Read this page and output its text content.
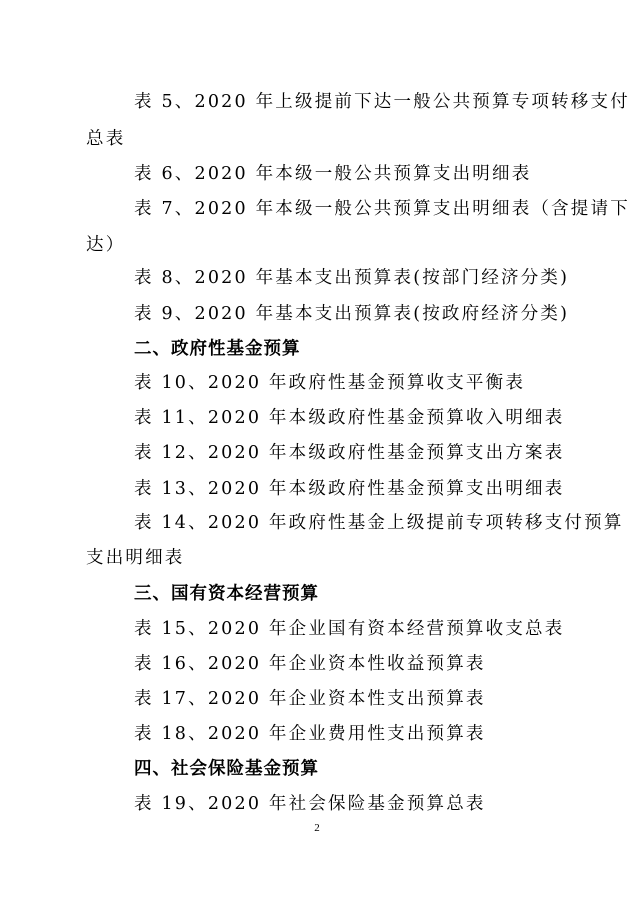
表 5、2020 年上级提前下达一般公共预算专项转移支付
总表
表 6、2020 年本级一般公共预算支出明细表
表 7、2020 年本级一般公共预算支出明细表（含提请下
达）
表 8、2020 年基本支出预算表(按部门经济分类)
表 9、2020 年基本支出预算表(按政府经济分类)
二、政府性基金预算
表 10、2020 年政府性基金预算收支平衡表
表 11、2020 年本级政府性基金预算收入明细表
表 12、2020 年本级政府性基金预算支出方案表
表 13、2020 年本级政府性基金预算支出明细表
表 14、2020 年政府性基金上级提前专项转移支付预算
支出明细表
三、国有资本经营预算
表 15、2020 年企业国有资本经营预算收支总表
表 16、2020 年企业资本性收益预算表
表 17、2020 年企业资本性支出预算表
表 18、2020 年企业费用性支出预算表
四、社会保险基金预算
表 19、2020 年社会保险基金预算总表
2
